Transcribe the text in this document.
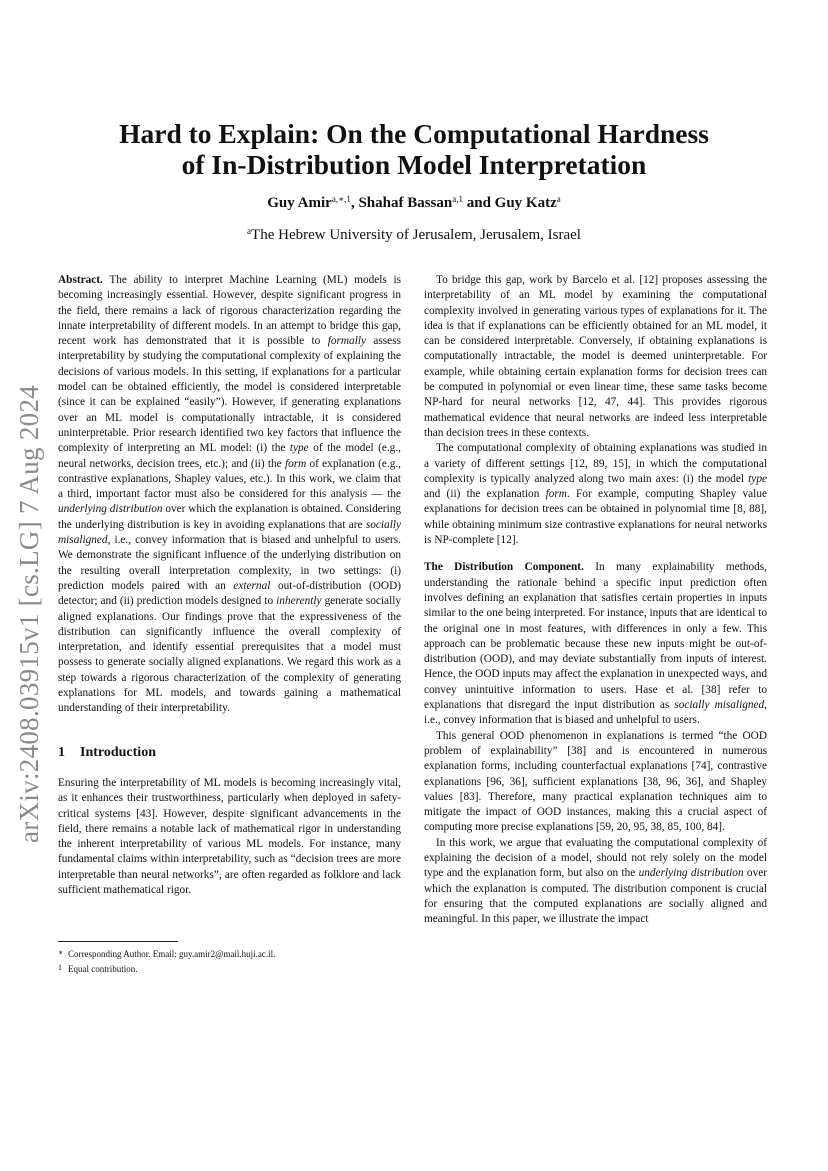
arXiv:2408.03915v1 [cs.LG] 7 Aug 2024
Hard to Explain: On the Computational Hardness
of In-Distribution Model Interpretation
Guy Amir$^{a,∗,1}$, Shahaf Bassan$^{a,1}$ and Guy Katz$^a$
$^a$The Hebrew University of Jerusalem, Jerusalem, Israel

Abstract. The ability to interpret Machine Learning (ML) models is becoming increasingly essential. However, despite significant progress in the field, there remains a lack of rigorous characterization regarding the innate interpretability of different models. In an attempt to bridge this gap, recent work has demonstrated that it is possible to formally assess interpretability by studying the computational complexity of explaining the decisions of various models. In this setting, if explanations for a particular model can be obtained efficiently, the model is considered interpretable (since it can be explained “easily”). However, if generating explanations over an ML model is computationally intractable, it is considered uninterpretable. Prior research identified two key factors that influence the complexity of interpreting an ML model: (i) the type of the model (e.g., neural networks, decision trees, etc.); and (ii) the form of explanation (e.g., contrastive explanations, Shapley values, etc.). In this work, we claim that a third, important factor must also be considered for this analysis — the underlying distribution over which the explanation is obtained. Considering the underlying distribution is key in avoiding explanations that are socially misaligned, i.e., convey information that is biased and unhelpful to users. We demonstrate the significant influence of the underlying distribution on the resulting overall interpretation complexity, in two settings: (i) prediction models paired with an external out-of-distribution (OOD) detector; and (ii) prediction models designed to inherently generate socially aligned explanations. Our findings prove that the expressiveness of the distribution can significantly influence the overall complexity of interpretation, and identify essential prerequisites that a model must possess to generate socially aligned explanations. We regard this work as a step towards a rigorous characterization of the complexity of generating explanations for ML models, and towards gaining a mathematical understanding of their interpretability.

1 Introduction

Ensuring the interpretability of ML models is becoming increasingly vital, as it enhances their trustworthiness, particularly when deployed in safety-critical systems [43]. However, despite significant advancements in the field, there remains a notable lack of mathematical rigor in understanding the inherent interpretability of various ML models. For instance, many fundamental claims within interpretability, such as “decision trees are more interpretable than neural networks”, are often regarded as folklore and lack sufficient mathematical rigor.

∗ Corresponding Author. Email: guy.amir2@mail.huji.ac.il.
1 Equal contribution.

To bridge this gap, work by Barcelo et al. [12] proposes assessing the interpretability of an ML model by examining the computational complexity involved in generating various types of explanations for it. The idea is that if explanations can be efficiently obtained for an ML model, it can be considered interpretable. Conversely, if obtaining explanations is computationally intractable, the model is deemed uninterpretable. For example, while obtaining certain explanation forms for decision trees can be computed in polynomial or even linear time, these same tasks become NP-hard for neural networks [12, 47, 44]. This provides rigorous mathematical evidence that neural networks are indeed less interpretable than decision trees in these contexts.

The computational complexity of obtaining explanations was studied in a variety of different settings [12, 89, 15], in which the computational complexity is typically analyzed along two main axes: (i) the model type and (ii) the explanation form. For example, computing Shapley value explanations for decision trees can be obtained in polynomial time [8, 88], while obtaining minimum size contrastive explanations for neural networks is NP-complete [12].

The Distribution Component. In many explainability methods, understanding the rationale behind a specific input prediction often involves defining an explanation that satisfies certain properties in inputs similar to the one being interpreted. For instance, inputs that are identical to the original one in most features, with differences in only a few. This approach can be problematic because these new inputs might be out-of-distribution (OOD), and may deviate substantially from inputs of interest. Hence, the OOD inputs may affect the explanation in unexpected ways, and convey unintuitive information to users. Hase et al. [38] refer to explanations that disregard the input distribution as socially misaligned, i.e., convey information that is biased and unhelpful to users.

This general OOD phenomenon in explanations is termed “the OOD problem of explainability” [38] and is encountered in numerous explanation forms, including counterfactual explanations [74], contrastive explanations [96, 36], sufficient explanations [38, 96, 36], and Shapley values [83]. Therefore, many practical explanation techniques aim to mitigate the impact of OOD instances, making this a crucial aspect of computing more precise explanations [59, 20, 95, 38, 85, 100, 84].

In this work, we argue that evaluating the computational complexity of explaining the decision of a model, should not rely solely on the model type and the explanation form, but also on the underlying distribution over which the explanation is computed. The distribution component is crucial for ensuring that the computed explanations are socially aligned and meaningful. In this paper, we illustrate the impact
